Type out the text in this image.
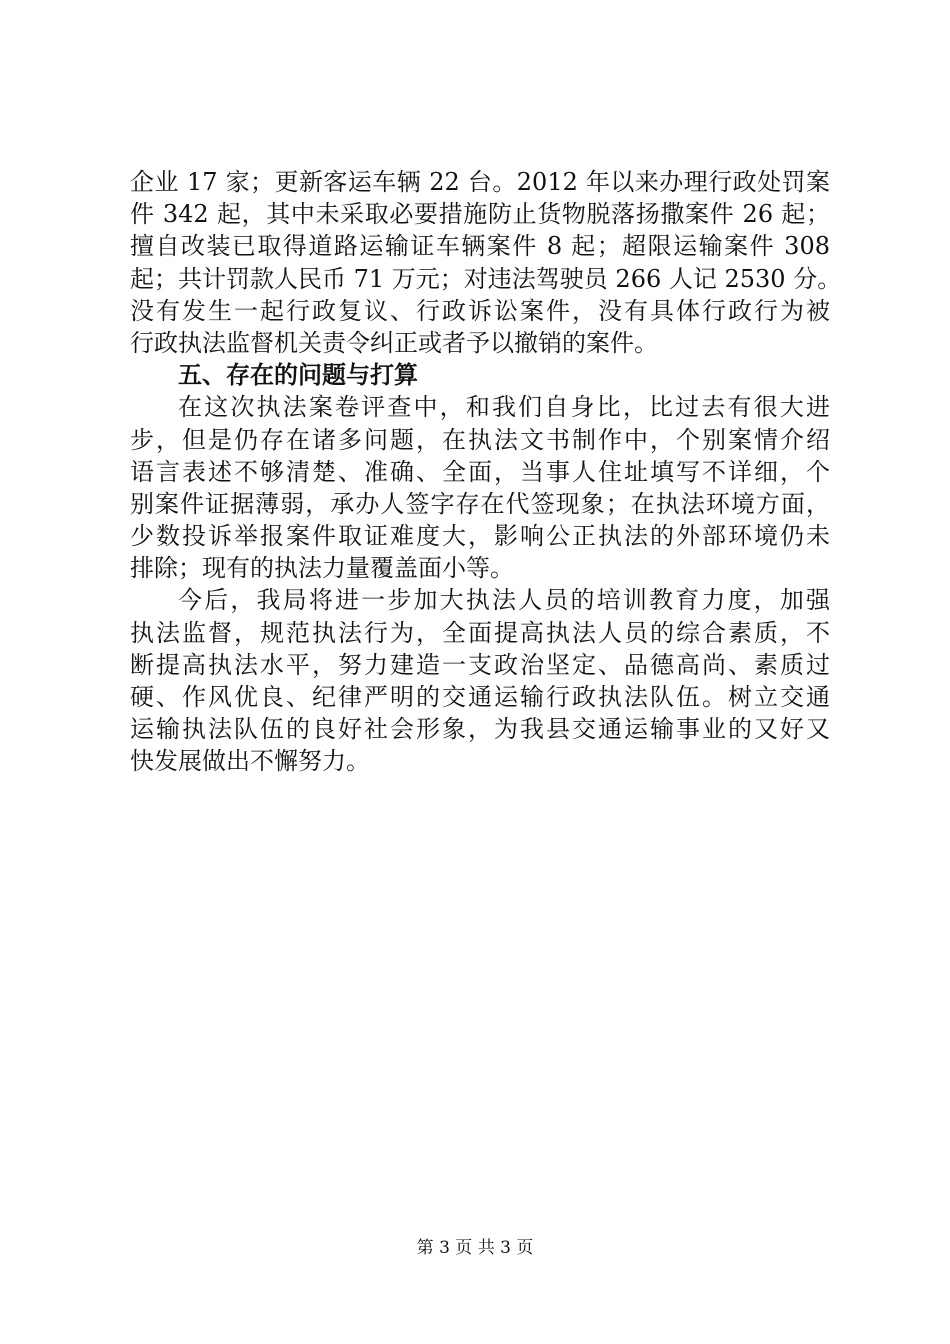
企业 17 家；更新客运车辆 22 台。2012 年以来办理行政处罚案
件 342 起，其中未采取必要措施防止货物脱落扬撒案件 26 起；
擅自改装已取得道路运输证车辆案件 8 起；超限运输案件 308
起；共计罚款人民币 71 万元；对违法驾驶员 266 人记 2530 分。
没有发生一起行政复议、行政诉讼案件，没有具体行政行为被
行政执法监督机关责令纠正或者予以撤销的案件。
五、存在的问题与打算
在这次执法案卷评查中，和我们自身比，比过去有很大进
步，但是仍存在诸多问题，在执法文书制作中，个别案情介绍
语言表述不够清楚、准确、全面，当事人住址填写不详细，个
别案件证据薄弱，承办人签字存在代签现象；在执法环境方面，
少数投诉举报案件取证难度大，影响公正执法的外部环境仍未
排除；现有的执法力量覆盖面小等。
今后，我局将进一步加大执法人员的培训教育力度，加强
执法监督，规范执法行为，全面提高执法人员的综合素质，不
断提高执法水平，努力建造一支政治坚定、品德高尚、素质过
硬、作风优良、纪律严明的交通运输行政执法队伍。树立交通
运输执法队伍的良好社会形象，为我县交通运输事业的又好又
快发展做出不懈努力。
第 3 页 共 3 页
